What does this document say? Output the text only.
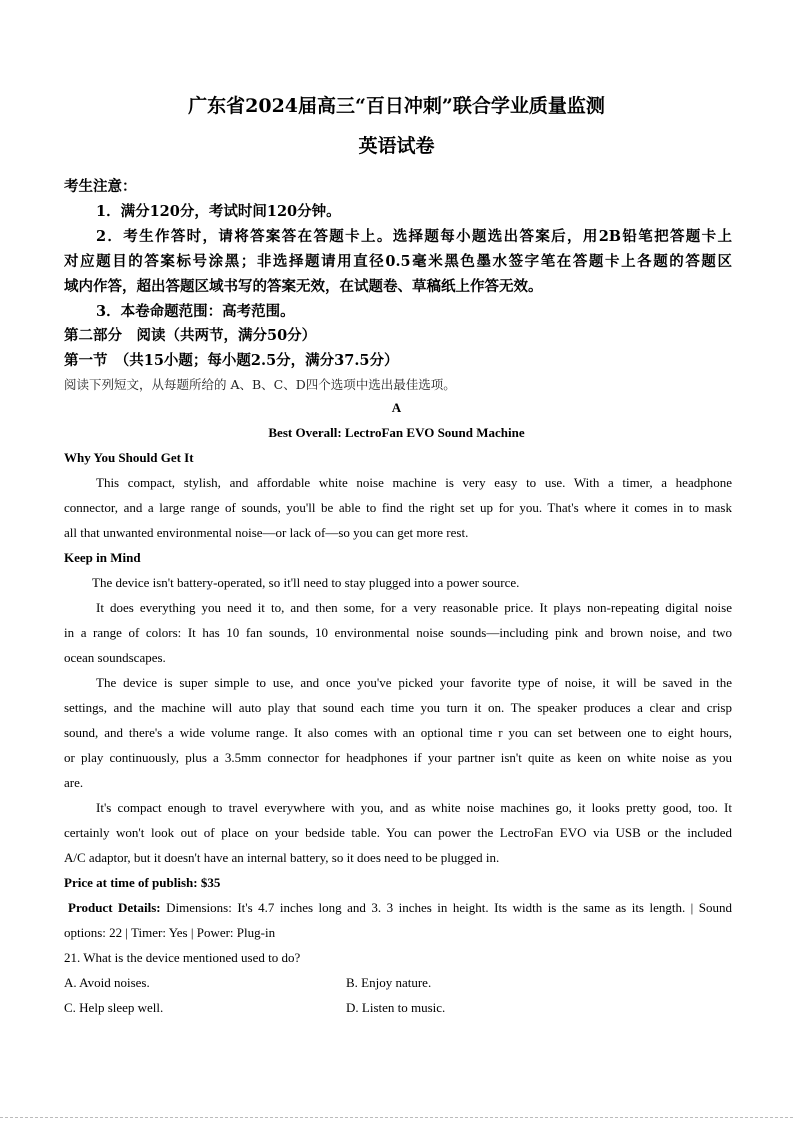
广东省2024届高三“百日冲刺”联合学业质量监测
英语试卷
考生注意：
1．满分120分，考试时间120分钟。
2．考生作答时，请将答案答在答题卡上。选择题每小题选出答案后，用2B铅笔把答题卡上
对应题目的答案标号涂黑；非选择题请用直径0.5毫米黑色墨水签字笔在答题卡上各题的答题区
域内作答，超出答题区域书写的答案无效，在试题卷、草稿纸上作答无效。
3．本卷命题范围：高考范围。
第二部分　阅读（共两节，满分50分）
第一节　（共15小题；每小题2.5分，满分37.5分）
阅读下列短文，从每题所给的 A、B、C、D四个选项中选出最佳选项。
A
Best Overall: LectroFan EVO Sound Machine
Why You Should Get It
This compact, stylish, and affordable white noise machine is very easy to use. With a timer, a headphone
connector, and a large range of sounds, you'll be able to find the right set up for you. That's where it comes in to mask
all that unwanted environmental noise—or lack of—so you can get more rest.
Keep in Mind
The device isn't battery-operated, so it'll need to stay plugged into a power source.
It does everything you need it to, and then some, for a very reasonable price. It plays non-repeating digital noise
in a range of colors: It has 10 fan sounds, 10 environmental noise sounds—including pink and brown noise, and two
ocean soundscapes.
The device is super simple to use, and once you've picked your favorite type of noise, it will be saved in the
settings, and the machine will auto play that sound each time you turn it on. The speaker produces a clear and crisp
sound, and there's a wide volume range. It also comes with an optional time r you can set between one to eight hours,
or play continuously, plus a 3.5mm connector for headphones if your partner isn't quite as keen on white noise as you
are.
It's compact enough to travel everywhere with you, and as white noise machines go, it looks pretty good, too. It
certainly won't look out of place on your bedside table. You can power the LectroFan EVO via USB or the included
A/C adaptor, but it doesn't have an internal battery, so it does need to be plugged in.
Price at time of publish: $35
Product Details: Dimensions: It's 4.7 inches long and 3. 3 inches in height. Its width is the same as its length. | Sound
options: 22 | Timer: Yes | Power: Plug-in
21. What is the device mentioned used to do?
A. Avoid noises.	B. Enjoy nature.
C. Help sleep well.	D. Listen to music.
